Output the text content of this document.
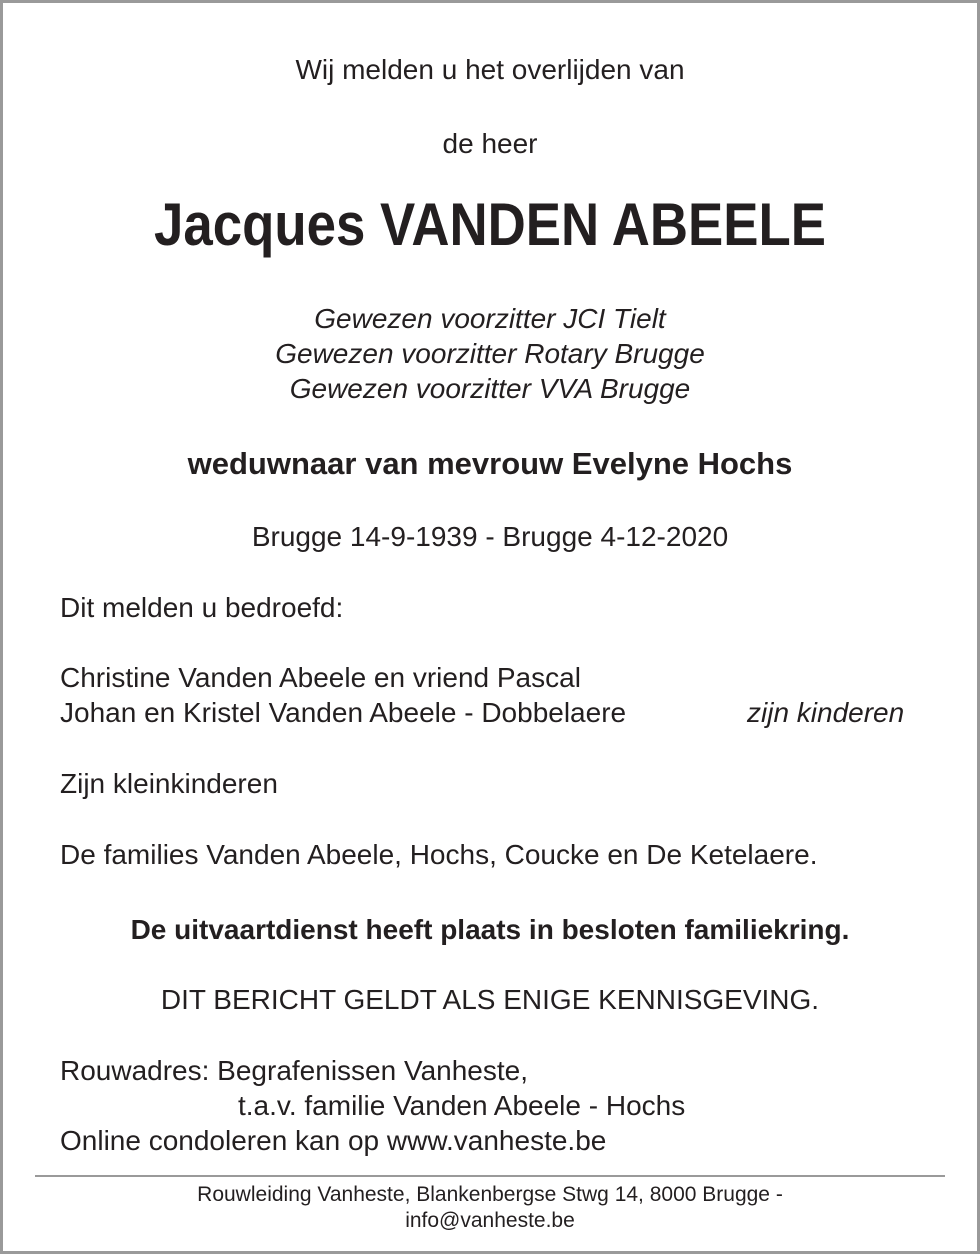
Wij melden u het overlijden van
de heer
Jacques VANDEN ABEELE
Gewezen voorzitter JCI Tielt
Gewezen voorzitter Rotary Brugge
Gewezen voorzitter VVA Brugge
weduwnaar van mevrouw Evelyne Hochs
Brugge 14-9-1939 - Brugge 4-12-2020
Dit melden u bedroefd:
Christine Vanden Abeele en vriend Pascal
Johan en Kristel Vanden Abeele - Dobbelaere	zijn kinderen
Zijn kleinkinderen
De families Vanden Abeele, Hochs, Coucke en De Ketelaere.
De uitvaartdienst heeft plaats in besloten familiekring.
DIT BERICHT GELDT ALS ENIGE KENNISGEVING.
Rouwadres: Begrafenissen Vanheste,
t.a.v. familie Vanden Abeele - Hochs
Online condoleren kan op www.vanheste.be
Rouwleiding Vanheste, Blankenbergse Stwg 14, 8000 Brugge -
info@vanheste.be
